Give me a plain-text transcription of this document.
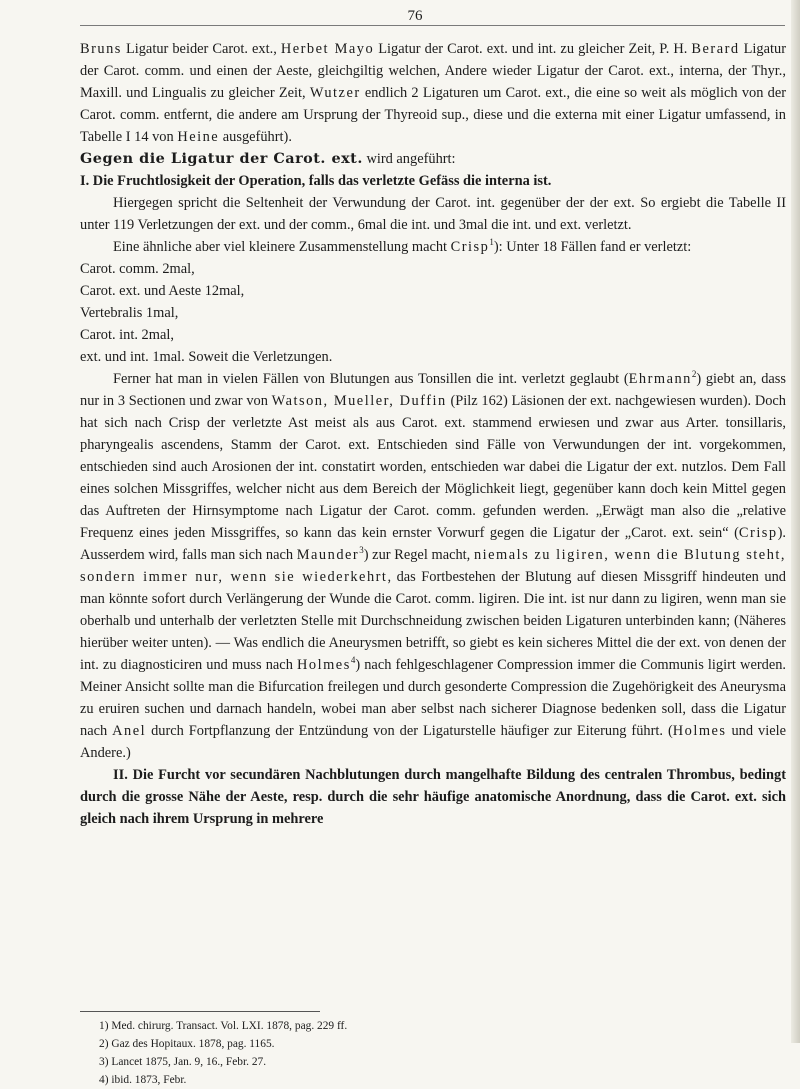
76

Bruns Ligatur beider Carot. ext., Herbet Mayo Ligatur der Carot. ext. und int. zu gleicher Zeit, P. H. Berard Ligatur der Carot. comm. und einen der Aeste, gleichgiltig welchen, Andere wieder Ligatur der Carot. ext., interna, der Thyr., Maxill. und Lingualis zu gleicher Zeit, Wutzer endlich 2 Ligaturen um Carot. ext., die eine so weit als möglich von der Carot. comm. entfernt, die andere am Ursprung der Thyreoid sup., diese und die externa mit einer Ligatur umfassend, in Tabelle I 14 von Heine ausgeführt).

Gegen die Ligatur der Carot. ext. wird angeführt:

I. Die Fruchtlosigkeit der Operation, falls das verletzte Gefäss die interna ist.

Hiergegen spricht die Seltenheit der Verwundung der Carot. int. gegenüber der der ext. So ergiebt die Tabelle II unter 119 Verletzungen der ext. und der comm., 6mal die int. und 3mal die int. und ext. verletzt.

Eine ähnliche aber viel kleinere Zusammenstellung macht Crisp$^1$): Unter 18 Fällen fand er verletzt:

Carot. comm. 2mal,

Carot. ext. und Aeste 12mal,

Vertebralis 1mal,

Carot. int. 2mal,

ext. und int. 1mal. Soweit die Verletzungen.

Ferner hat man in vielen Fällen von Blutungen aus Tonsillen die int. verletzt geglaubt (Ehrmann$^2$) giebt an, dass nur in 3 Sectionen und zwar von Watson, Mueller, Duffin (Pilz 162) Läsionen der ext. nachgewiesen wurden). Doch hat sich nach Crisp der verletzte Ast meist als aus Carot. ext. stammend erwiesen und zwar aus Arter. tonsillaris, pharyngealis ascendens, Stamm der Carot. ext. Entschieden sind Fälle von Verwundungen der int. vorgekommen, entschieden sind auch Arosionen der int. constatirt worden, entschieden war dabei die Ligatur der ext. nutzlos. Dem Fall eines solchen Missgriffes, welcher nicht aus dem Bereich der Möglichkeit liegt, gegenüber kann doch kein Mittel gegen das Auftreten der Hirnsymptome nach Ligatur der Carot. comm. gefunden werden. „Erwägt man also die „relative Frequenz eines jeden Missgriffes, so kann das kein ernster Vorwurf gegen die Ligatur der „Carot. ext. sein“ (Crisp). Ausserdem wird, falls man sich nach Maunder$^3$) zur Regel macht, niemals zu ligiren, wenn die Blutung steht, sondern immer nur, wenn sie wiederkehrt, das Fortbestehen der Blutung auf diesen Missgriff hindeuten und man könnte sofort durch Verlängerung der Wunde die Carot. comm. ligiren. Die int. ist nur dann zu ligiren, wenn man sie oberhalb und unterhalb der verletzten Stelle mit Durchschneidung zwischen beiden Ligaturen unterbinden kann; (Näheres hierüber weiter unten). — Was endlich die Aneurysmen betrifft, so giebt es kein sicheres Mittel die der ext. von denen der int. zu diagnosticiren und muss nach Holmes$^4$) nach fehlgeschlagener Compression immer die Communis ligirt werden. Meiner Ansicht sollte man die Bifurcation freilegen und durch gesonderte Compression die Zugehörigkeit des Aneurysma zu eruiren suchen und darnach handeln, wobei man aber selbst nach sicherer Diagnose bedenken soll, dass die Ligatur nach Anel durch Fortpflanzung der Entzündung von der Ligaturstelle häufiger zur Eiterung führt. (Holmes und viele Andere.)

II. Die Furcht vor secundären Nachblutungen durch mangelhafte Bildung des centralen Thrombus, bedingt durch die grosse Nähe der Aeste, resp. durch die sehr häufige anatomische Anordnung, dass die Carot. ext. sich gleich nach ihrem Ursprung in mehrere

1) Med. chirurg. Transact. Vol. LXI. 1878, pag. 229 ff.
2) Gaz des Hopitaux. 1878, pag. 1165.
3) Lancet 1875, Jan. 9, 16., Febr. 27.
4) ibid. 1873, Febr.
